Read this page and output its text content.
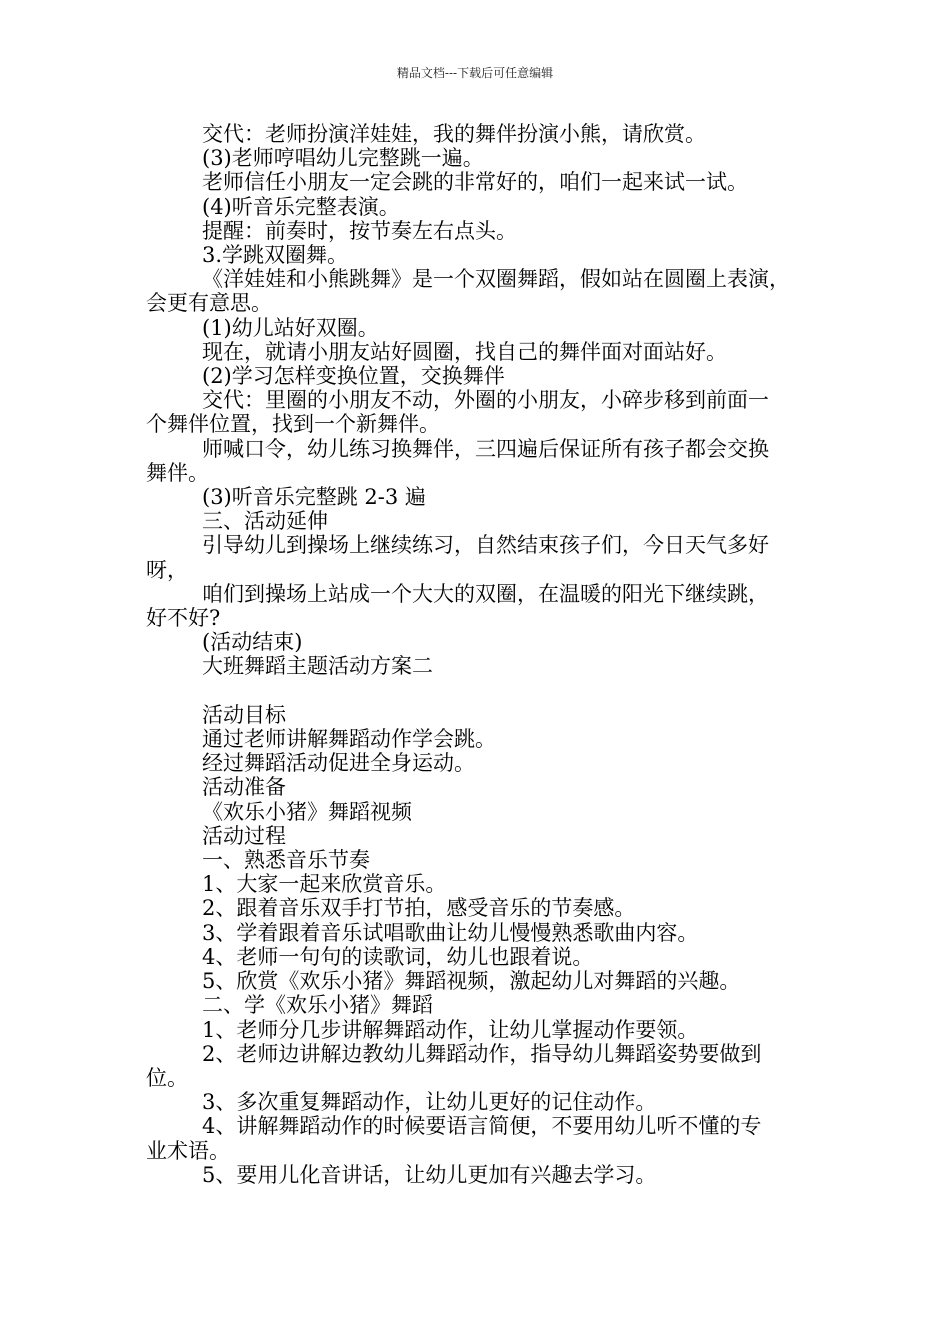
精品文档---下载后可任意编辑
交代：老师扮演洋娃娃，我的舞伴扮演小熊，请欣赏。
(3)老师哼唱幼儿完整跳一遍。
老师信任小朋友一定会跳的非常好的，咱们一起来试一试。
(4)听音乐完整表演。
提醒：前奏时，按节奏左右点头。
3.学跳双圈舞。
《洋娃娃和小熊跳舞》是一个双圈舞蹈，假如站在圆圈上表演，
会更有意思。
(1)幼儿站好双圈。
现在，就请小朋友站好圆圈，找自己的舞伴面对面站好。
(2)学习怎样变换位置，交换舞伴
交代：里圈的小朋友不动，外圈的小朋友，小碎步移到前面一
个舞伴位置，找到一个新舞伴。
师喊口令，幼儿练习换舞伴，三四遍后保证所有孩子都会交换
舞伴。
(3)听音乐完整跳 2-3 遍
三、活动延伸
引导幼儿到操场上继续练习，自然结束孩子们，今日天气多好
呀，
咱们到操场上站成一个大大的双圈，在温暖的阳光下继续跳，
好不好?
(活动结束)
大班舞蹈主题活动方案二
活动目标
通过老师讲解舞蹈动作学会跳。
经过舞蹈活动促进全身运动。
活动准备
《欢乐小猪》舞蹈视频
活动过程
一、熟悉音乐节奏
1、大家一起来欣赏音乐。
2、跟着音乐双手打节拍，感受音乐的节奏感。
3、学着跟着音乐试唱歌曲让幼儿慢慢熟悉歌曲内容。
4、老师一句句的读歌词，幼儿也跟着说。
5、欣赏《欢乐小猪》舞蹈视频，激起幼儿对舞蹈的兴趣。
二、学《欢乐小猪》舞蹈
1、老师分几步讲解舞蹈动作，让幼儿掌握动作要领。
2、老师边讲解边教幼儿舞蹈动作，指导幼儿舞蹈姿势要做到
位。
3、多次重复舞蹈动作，让幼儿更好的记住动作。
4、讲解舞蹈动作的时候要语言简便，不要用幼儿听不懂的专
业术语。
5、要用儿化音讲话，让幼儿更加有兴趣去学习。
